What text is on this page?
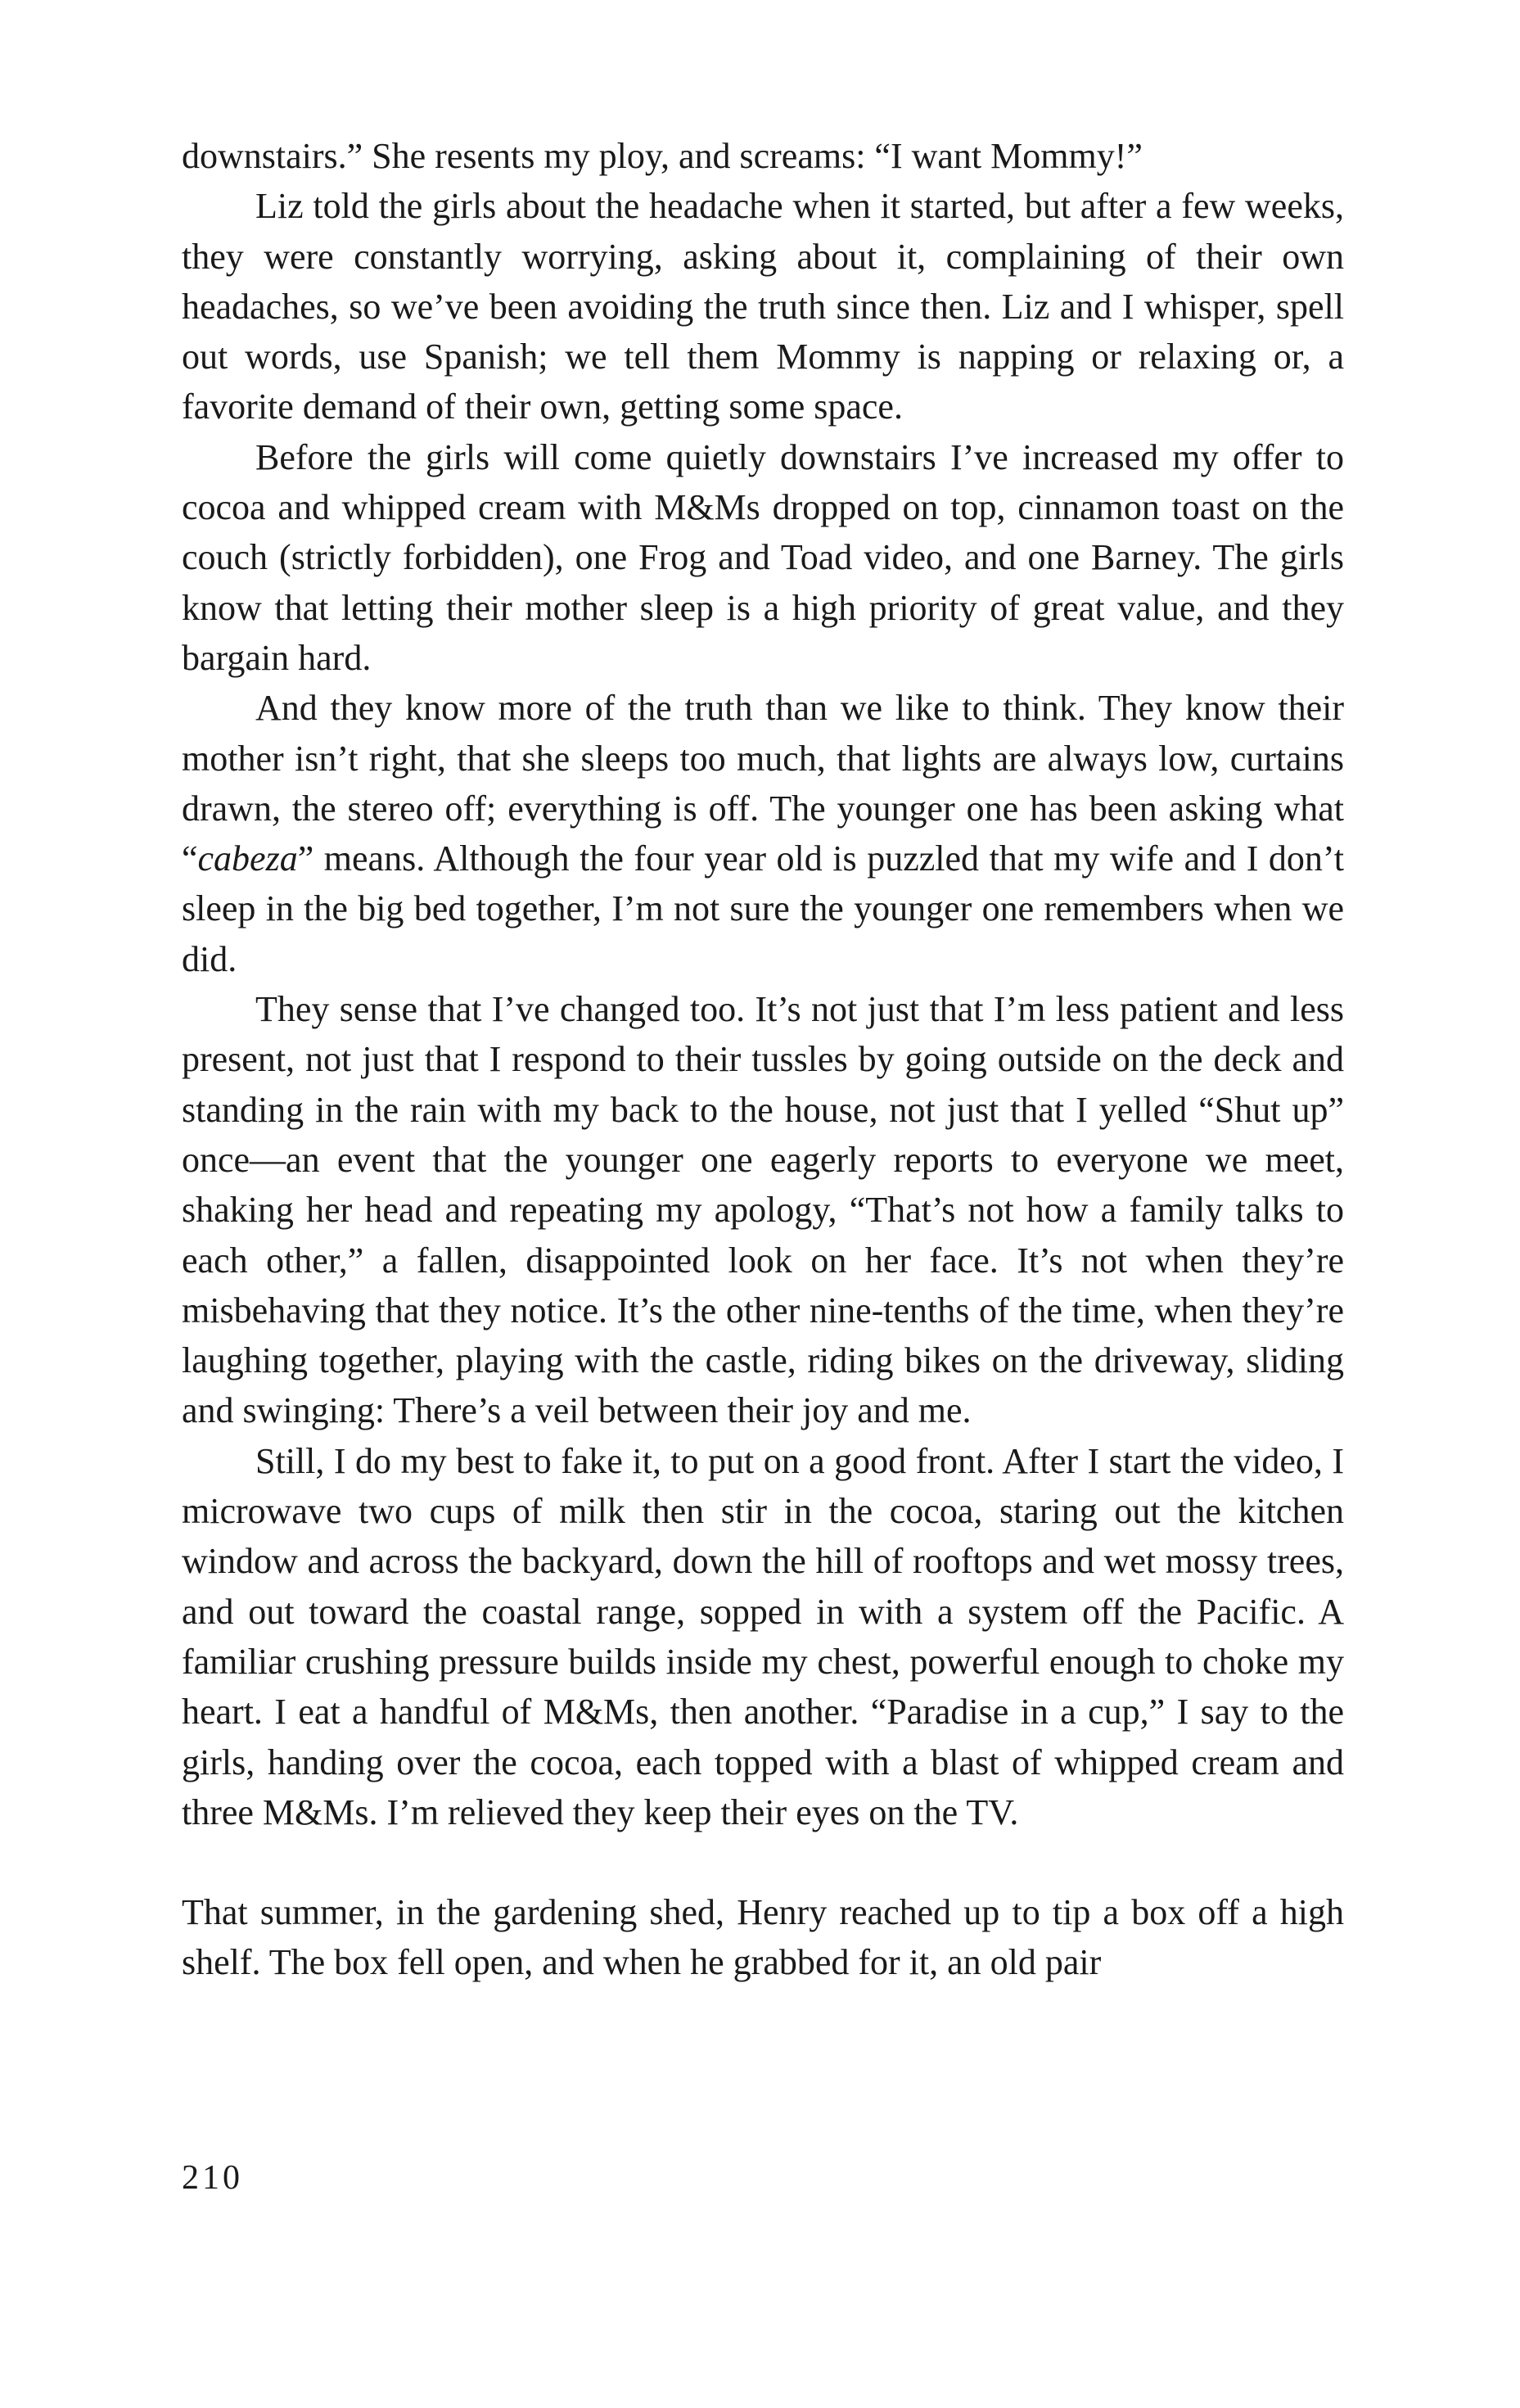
downstairs.” She resents my ploy, and screams: “I want Mommy!”

Liz told the girls about the headache when it started, but after a few weeks, they were constantly worrying, asking about it, complaining of their own headaches, so we’ve been avoiding the truth since then. Liz and I whisper, spell out words, use Spanish; we tell them Mommy is napping or relaxing or, a favorite demand of their own, getting some space.

Before the girls will come quietly downstairs I’ve increased my offer to cocoa and whipped cream with M&Ms dropped on top, cinnamon toast on the couch (strictly forbidden), one Frog and Toad video, and one Barney. The girls know that letting their mother sleep is a high priority of great value, and they bargain hard.

And they know more of the truth than we like to think. They know their mother isn’t right, that she sleeps too much, that lights are always low, curtains drawn, the stereo off; everything is off. The younger one has been asking what “cabeza” means. Although the four year old is puzzled that my wife and I don’t sleep in the big bed together, I’m not sure the younger one remembers when we did.

They sense that I’ve changed too. It’s not just that I’m less patient and less present, not just that I respond to their tussles by going outside on the deck and standing in the rain with my back to the house, not just that I yelled “Shut up” once—an event that the younger one eagerly reports to everyone we meet, shaking her head and repeating my apology, “That’s not how a family talks to each other,” a fallen, disappointed look on her face. It’s not when they’re misbehaving that they notice. It’s the other nine-tenths of the time, when they’re laughing together, playing with the castle, riding bikes on the driveway, sliding and swinging: There’s a veil between their joy and me.

Still, I do my best to fake it, to put on a good front. After I start the video, I microwave two cups of milk then stir in the cocoa, staring out the kitchen window and across the backyard, down the hill of rooftops and wet mossy trees, and out toward the coastal range, sopped in with a system off the Pacific. A familiar crushing pressure builds inside my chest, powerful enough to choke my heart. I eat a handful of M&Ms, then another. “Paradise in a cup,” I say to the girls, handing over the cocoa, each topped with a blast of whipped cream and three M&Ms. I’m relieved they keep their eyes on the TV.

That summer, in the gardening shed, Henry reached up to tip a box off a high shelf. The box fell open, and when he grabbed for it, an old pair

210
